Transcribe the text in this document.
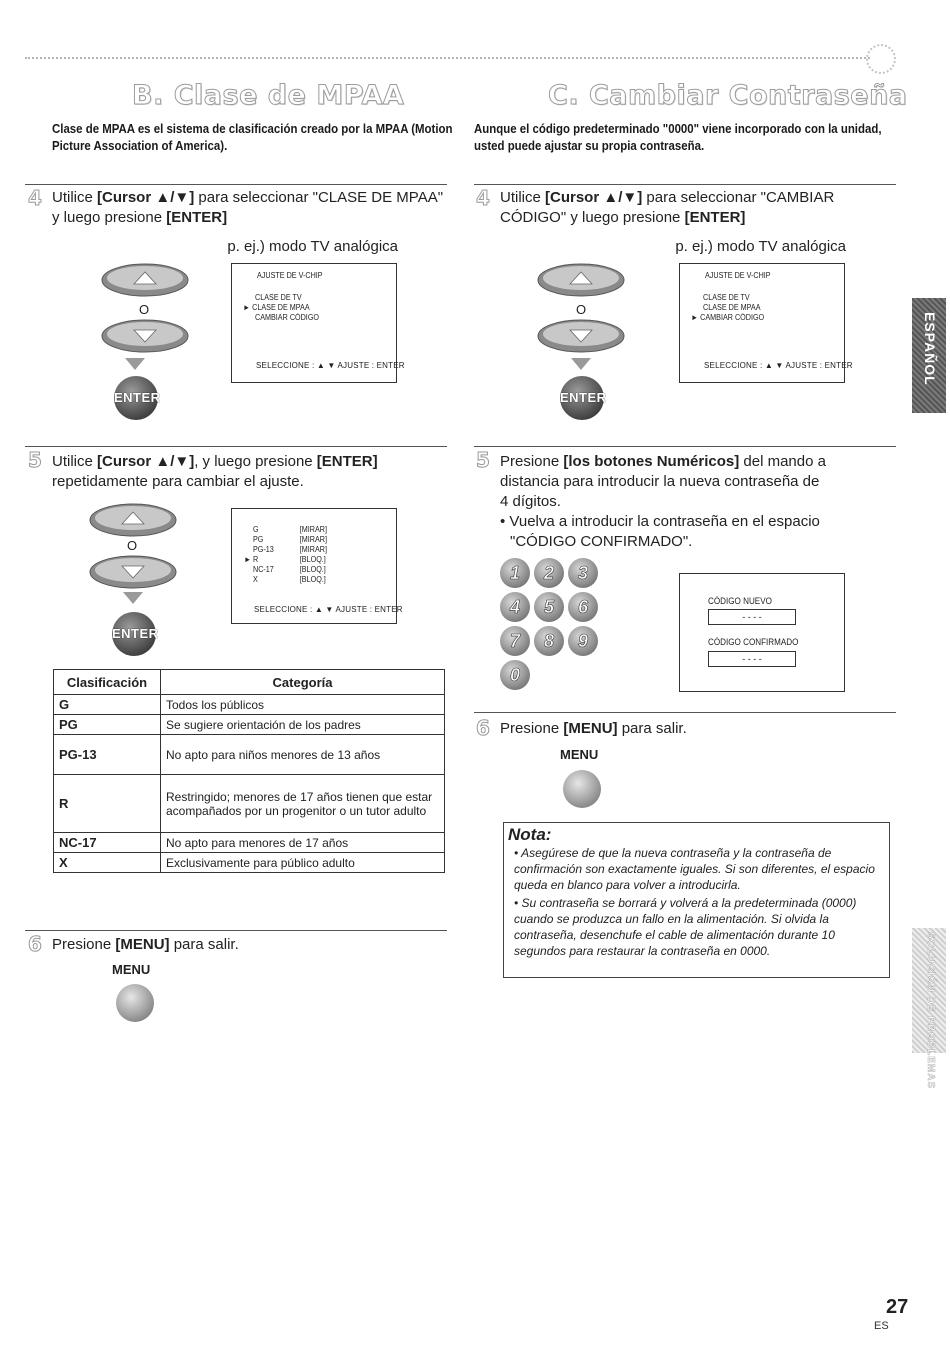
B. Clase de MPAA
Clase de MPAA es el sistema de clasificación creado por la MPAA (Motion
Picture Association of America).
4 Utilice [Cursor ▲/▼] para seleccionar "CLASE DE MPAA"
y luego presione [ENTER]
p. ej.) modo TV analógica
O
ENTER
AJUSTE DE V-CHIP
CLASE DE TV
► CLASE DE MPAA
CAMBIAR CÓDIGO
SELECCIONE : ▲ ▼ AJUSTE : ENTER
5 Utilice [Cursor ▲/▼], y luego presione [ENTER]
repetidamente para cambiar el ajuste.
O
ENTER
G	[MIRAR]
PG	[MIRAR]
PG-13	[MIRAR]
► R	[BLOQ.]
NC-17	[BLOQ.]
X	[BLOQ.]
SELECCIONE : ▲ ▼ AJUSTE : ENTER
Clasificación	Categoría
G	Todos los públicos
PG	Se sugiere orientación de los padres
PG-13	No apto para niños menores de 13 años
R	Restringido; menores de 17 años tienen que estar acompañados por un progenitor o un tutor adulto
NC-17	No apto para menores de 17 años
X	Exclusivamente para público adulto
6 Presione [MENU] para salir.
MENU
C. Cambiar Contraseña
Aunque el código predeterminado "0000" viene incorporado con la unidad,
usted puede ajustar su propia contraseña.
4 Utilice [Cursor ▲/▼] para seleccionar "CAMBIAR
CÓDIGO" y luego presione [ENTER]
p. ej.) modo TV analógica
O
ENTER
AJUSTE DE V-CHIP
CLASE DE TV
CLASE DE MPAA
► CAMBIAR CÓDIGO
SELECCIONE : ▲ ▼ AJUSTE : ENTER
5 Presione [los botones Numéricos] del mando a
distancia para introducir la nueva contraseña de
4 dígitos.
• Vuelva a introducir la contraseña en el espacio
"CÓDIGO CONFIRMADO".
1	2	3
4	5	6
7	8	9
0
CÓDIGO NUEVO
- - - -
CÓDIGO CONFIRMADO
- - - -
6 Presione [MENU] para salir.
MENU
Nota:

• Asegúrese de que la nueva contraseña y la contraseña de confirmación son exactamente iguales. Si son diferentes, el espacio queda en blanco para volver a introducirla.

• Su contraseña se borrará y volverá a la predeterminada (0000) cuando se produzca un fallo en la alimentación. Si olvida la contraseña, desenchufe el cable de alimentación durante 10 segundos para restaurar la contraseña en 0000.

ESPAÑOL
SOLUCIÓN DE PROBLEMAS
27
ES
